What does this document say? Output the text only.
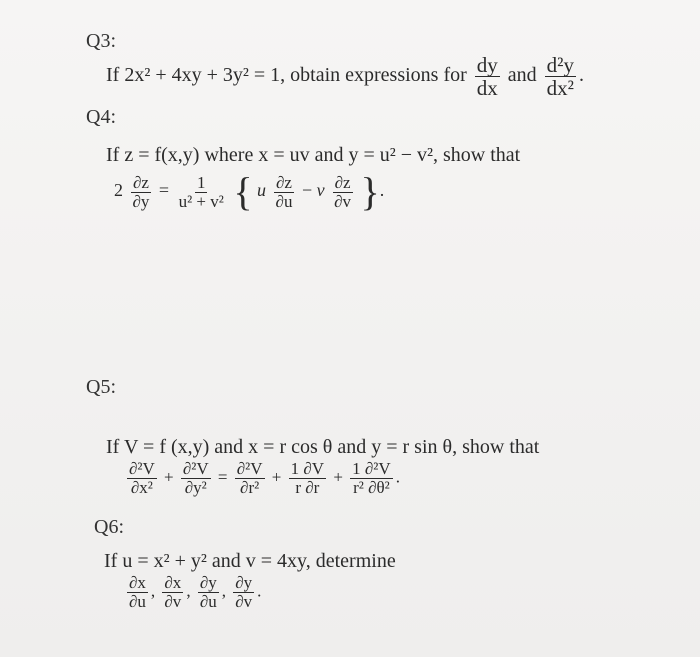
Q3:
If 2x² + 4xy + 3y² = 1, obtain expressions for $\frac{dy}{dx}$ and $\frac{\text{d²y}}{\text{dx²}}$ .
Q4:
If z = f(x,y) where x = uv and y = u² − v², show that
$2 \frac{\partial z}{\partial y} = \frac{1}{\text{u² + v²}}$ { u $\frac{\partial z}{\partial u} - v \frac{\partial z}{\partial v}$ }.
Q5:
If V = f (x,y) and x = r cos θ and y = r sin θ, show that
$\frac{\text{∂²V}}{\text{∂x²}} + \frac{\text{∂²V}}{\text{∂y²}} = \frac{\text{∂²V}}{\text{∂r²}} + \frac{1 \partial V}{r \partial r} + \frac{\text{1 ∂²V}}{\text{r² ∂θ²}}$ .
Q6:
If u = x² + y² and v = 4xy, determine
$\frac{\partial x}{\partial u}$ , $\frac{\partial x}{\partial v}$ , $\frac{\partial y}{\partial u}$ , $\frac{\partial y}{\partial v}$ .
